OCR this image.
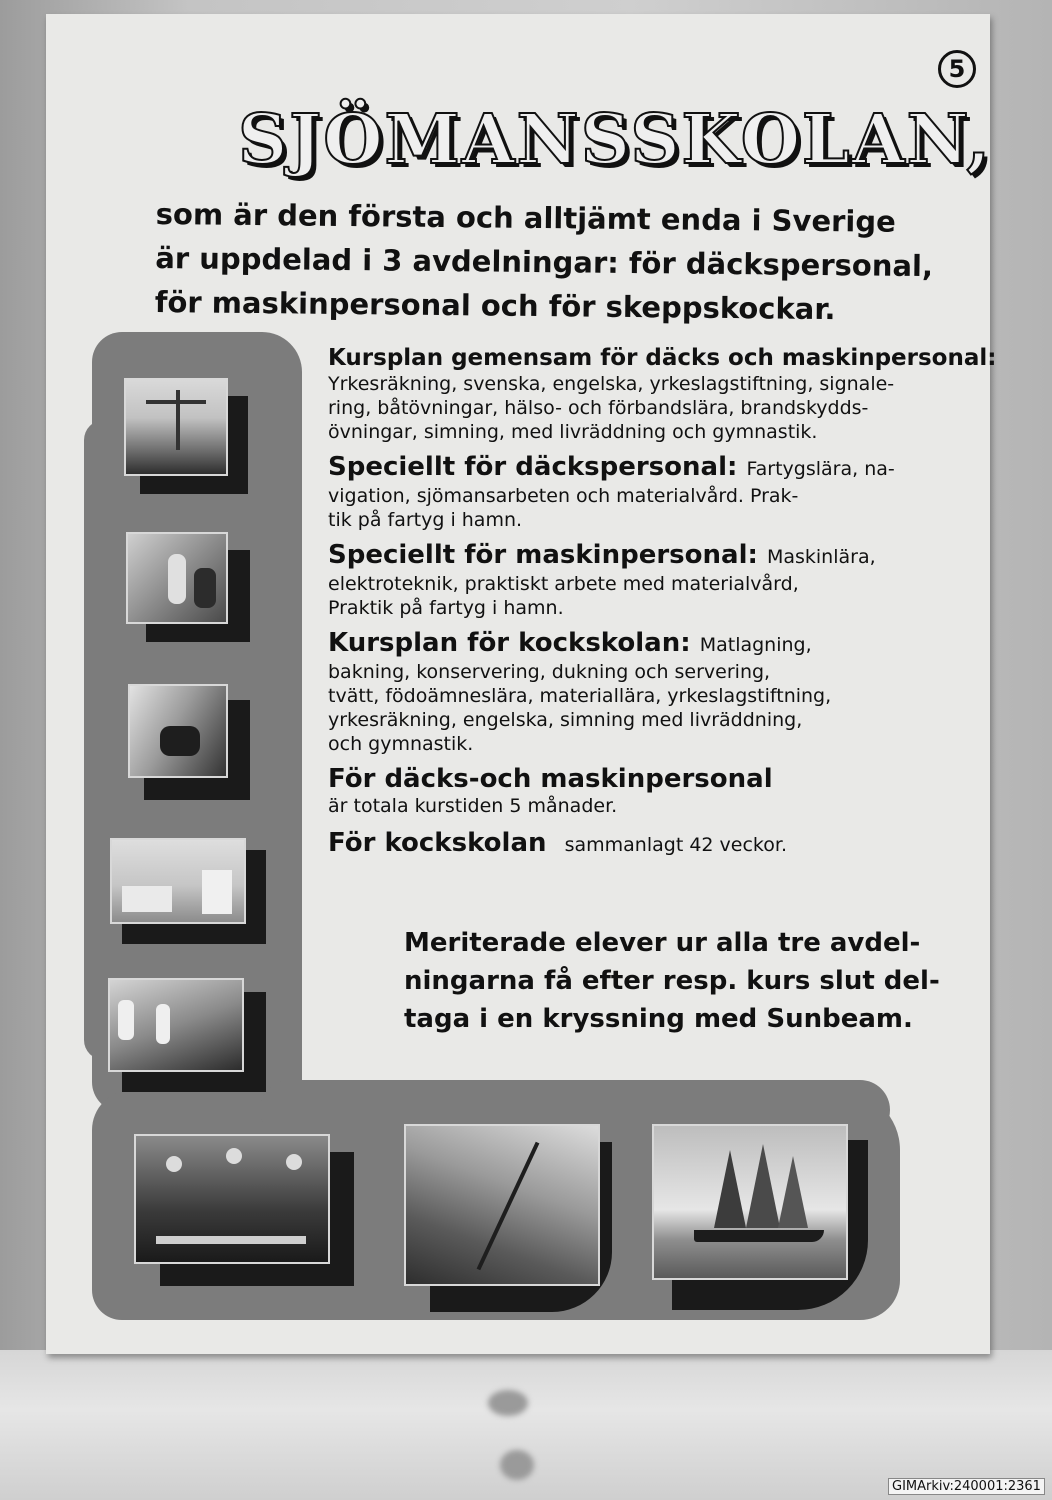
5
SJÖMANSSKOLAN,
som är den första och alltjämt enda i Sverige
är uppdelad i 3 avdelningar: för däckspersonal,
för maskinpersonal och för skeppskockar.
Kursplan gemensam för däcks och maskinpersonal:
Yrkesräkning, svenska, engelska, yrkeslagstiftning, signale-
ring, båtövningar, hälso- och förbandslära, brandskydds-
övningar, simning, med livräddning och gymnastik.
Speciellt för däckspersonal: Fartygslära, na-
vigation, sjömansarbeten och materialvård. Prak-
tik på fartyg i hamn.
Speciellt för maskinpersonal: Maskinlära,
elektroteknik, praktiskt arbete med materialvård,
Praktik på fartyg i hamn.
Kursplan för kockskolan: Matlagning,
bakning, konservering, dukning och servering,
tvätt, födoämneslära, materiallära, yrkeslagstiftning,
yrkesräkning, engelska, simning med livräddning,
och gymnastik.
För däcks-och maskinpersonal
är totala kurstiden 5 månader.
För kockskolan sammanlagt 42 veckor.
Meriterade elever ur alla tre avdel-
ningarna få efter resp. kurs slut del-
taga i en kryssning med Sunbeam.
GIMArkiv:240001:2361
